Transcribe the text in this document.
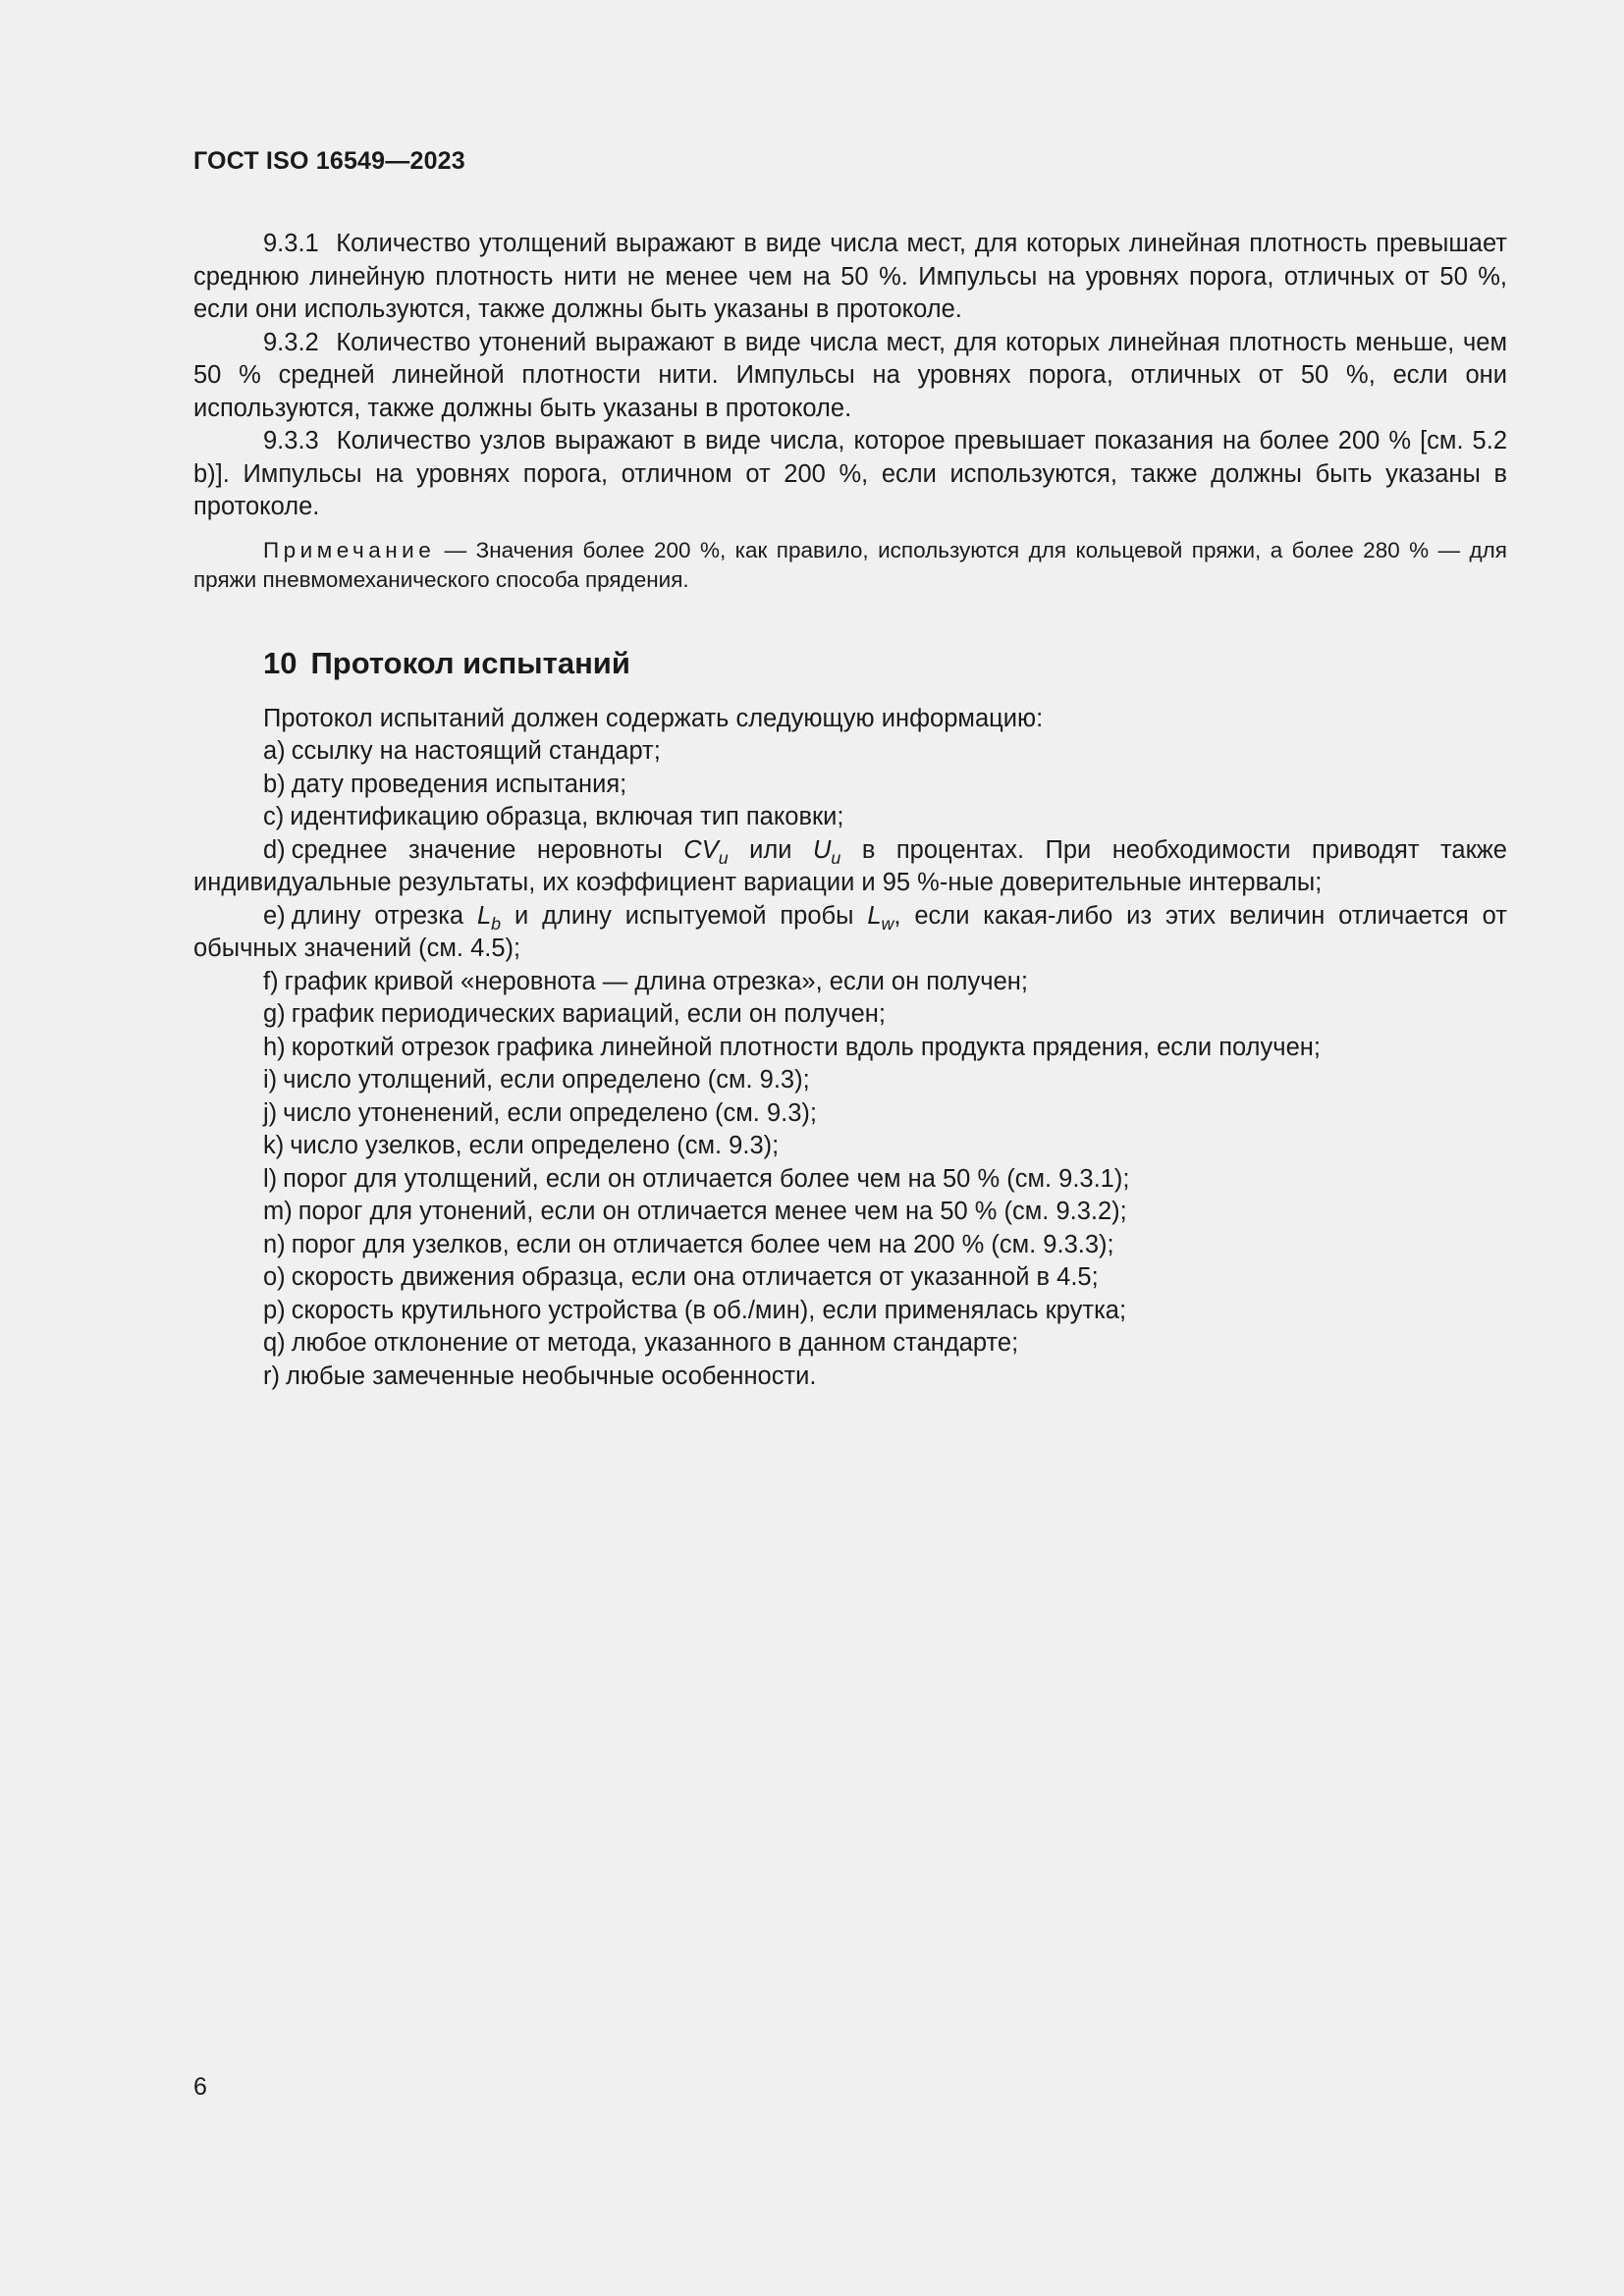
ГОСТ ISO 16549—2023

9.3.1 Количество утолщений выражают в виде числа мест, для которых линейная плотность превышает среднюю линейную плотность нити не менее чем на 50 %. Импульсы на уровнях порога, отличных от 50 %, если они используются, также должны быть указаны в протоколе.

9.3.2 Количество утонений выражают в виде числа мест, для которых линейная плотность меньше, чем 50 % средней линейной плотности нити. Импульсы на уровнях порога, отличных от 50 %, если они используются, также должны быть указаны в протоколе.

9.3.3 Количество узлов выражают в виде числа, которое превышает показания на более 200 % [см. 5.2 b)]. Импульсы на уровнях порога, отличном от 200 %, если используются, также должны быть указаны в протоколе.

Примечание — Значения более 200 %, как правило, используются для кольцевой пряжи, а более 280 % — для пряжи пневмомеханического способа прядения.

10 Протокол испытаний
Протокол испытаний должен содержать следующую информацию:

a) ссылку на настоящий стандарт;

b) дату проведения испытания;

c) идентификацию образца, включая тип паковки;

d) среднее значение неровноты $CV_u$ или $U_u$ в процентах. При необходимости приводят также индивидуальные результаты, их коэффициент вариации и 95 %-ные доверительные интервалы;

e) длину отрезка $L_b$ и длину испытуемой пробы $L_w$, если какая-либо из этих величин отличается от обычных значений (см. 4.5);

f) график кривой «неровнота — длина отрезка», если он получен;

g) график периодических вариаций, если он получен;

h) короткий отрезок графика линейной плотности вдоль продукта прядения, если получен;

i) число утолщений, если определено (см. 9.3);

j) число утоненений, если определено (см. 9.3);

k) число узелков, если определено (см. 9.3);

l) порог для утолщений, если он отличается более чем на 50 % (см. 9.3.1);

m) порог для утонений, если он отличается менее чем на 50 % (см. 9.3.2);

n) порог для узелков, если он отличается более чем на 200 % (см. 9.3.3);

o) скорость движения образца, если она отличается от указанной в 4.5;

p) скорость крутильного устройства (в об./мин), если применялась крутка;

q) любое отклонение от метода, указанного в данном стандарте;

r) любые замеченные необычные особенности.

6
